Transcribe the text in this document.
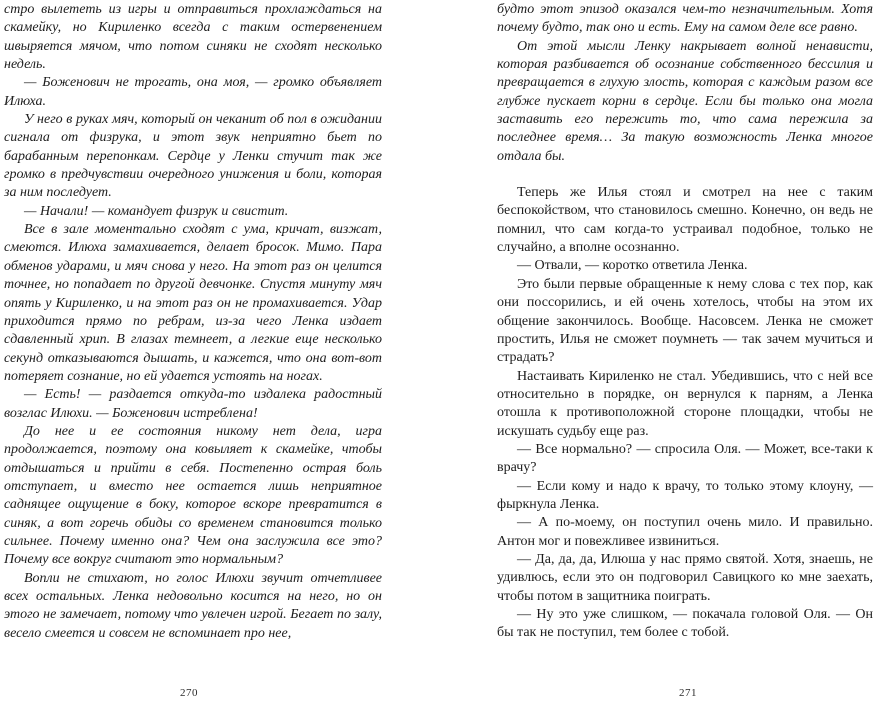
стро вылететь из игры и отправиться прохлаждаться на скамейку, но Кириленко всегда с таким остервенением швыряется мячом, что потом синяки не сходят несколько недель.

— Боженович не трогать, она моя, — громко объявляет Илюха.

У него в руках мяч, который он чеканит об пол в ожидании сигнала от физрука, и этот звук неприятно бьет по барабанным перепонкам. Сердце у Ленки стучит так же громко в предчувствии очередного унижения и боли, которая за ним последует.

— Начали! — командует физрук и свистит.

Все в зале моментально сходят с ума, кричат, визжат, смеются. Илюха замахивается, делает бросок. Мимо. Пара обменов ударами, и мяч снова у него. На этот раз он целится точнее, но попадает по другой девчонке. Спустя минуту мяч опять у Кириленко, и на этот раз он не промахивается. Удар приходится прямо по ребрам, из-за чего Ленка издает сдавленный хрип. В глазах темнеет, а легкие еще несколько секунд отказываются дышать, и кажется, что она вот-вот потеряет сознание, но ей удается устоять на ногах.

— Есть! — раздается откуда-то издалека радостный возглас Илюхи. — Боженович истреблена!

До нее и ее состояния никому нет дела, игра продолжается, поэтому она ковыляет к скамейке, чтобы отдышаться и прийти в себя. Постепенно острая боль отступает, и вместо нее остается лишь неприятное саднящее ощущение в боку, которое вскоре превратится в синяк, а вот горечь обиды со временем становится только сильнее. Почему именно она? Чем она заслужила все это? Почему все вокруг считают это нормальным?

Вопли не стихают, но голос Илюхи звучит отчетливее всех остальных. Ленка недовольно косится на него, но он этого не замечает, потому что увлечен игрой. Бегает по залу, весело смеется и совсем не вспоминает про нее,

270

будто этот эпизод оказался чем-то незначительным. Хотя почему будто, так оно и есть. Ему на самом деле все равно.

От этой мысли Ленку накрывает волной ненависти, которая разбивается об осознание собственного бессилия и превращается в глухую злость, которая с каждым разом все глубже пускает корни в сердце. Если бы только она могла заставить его пережить то, что сама пережила за последнее время… За такую возможность Ленка многое отдала бы.

Теперь же Илья стоял и смотрел на нее с таким беспокойством, что становилось смешно. Конечно, он ведь не помнил, что сам когда-то устраивал подобное, только не случайно, а вполне осознанно.

— Отвали, — коротко ответила Ленка.

Это были первые обращенные к нему слова с тех пор, как они поссорились, и ей очень хотелось, чтобы на этом их общение закончилось. Вообще. Насовсем. Ленка не сможет простить, Илья не сможет поумнеть — так зачем мучиться и страдать?

Настаивать Кириленко не стал. Убедившись, что с ней все относительно в порядке, он вернулся к парням, а Ленка отошла к противоположной стороне площадки, чтобы не искушать судьбу еще раз.

— Все нормально? — спросила Оля. — Может, все-таки к врачу?

— Если кому и надо к врачу, то только этому клоуну, — фыркнула Ленка.

— А по-моему, он поступил очень мило. И правильно. Антон мог и повежливее извиниться.

— Да, да, да, Илюша у нас прямо святой. Хотя, знаешь, не удивлюсь, если это он подговорил Савицкого ко мне заехать, чтобы потом в защитника поиграть.

— Ну это уже слишком, — покачала головой Оля. — Он бы так не поступил, тем более с тобой.

271
